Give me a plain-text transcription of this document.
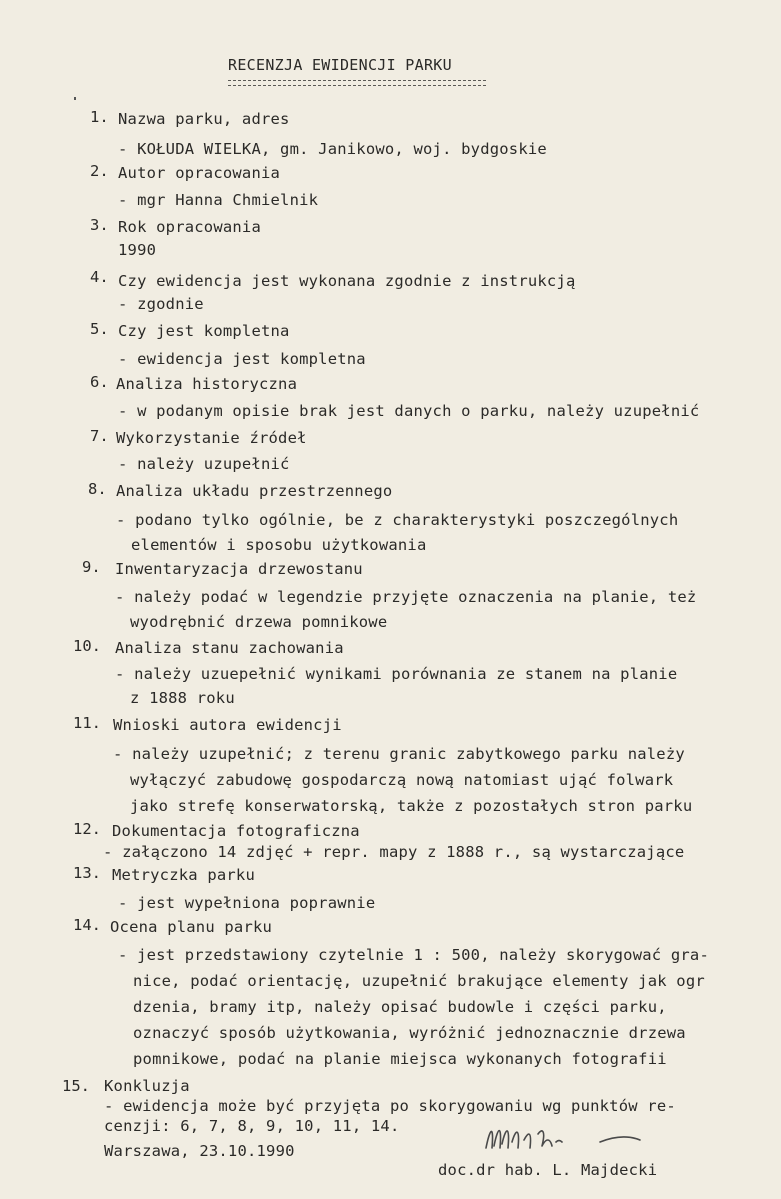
RECENZJA EWIDENCJI PARKU
1. Nazwa parku, adres
- KOŁUDA WIELKA, gm. Janikowo, woj. bydgoskie
2. Autor opracowania
- mgr Hanna Chmielnik
3. Rok opracowania
1990
4. Czy ewidencja jest wykonana zgodnie z instrukcją
- zgodnie
5. Czy jest kompletna
- ewidencja jest kompletna
6. Analiza historyczna
- w podanym opisie brak jest danych o parku, należy uzupełnić
7. Wykorzystanie źródeł
- należy uzupełnić
8. Analiza układu przestrzennego
- podano tylko ogólnie, be z charakterystyki poszczególnych
elementów i sposobu użytkowania
9. Inwentaryzacja drzewostanu
- należy podać w legendzie przyjęte oznaczenia na planie, też
wyodrębnić drzewa pomnikowe
10. Analiza stanu zachowania
- należy uzuepełnić wynikami porównania ze stanem na planie
z 1888 roku
11. Wnioski autora ewidencji
- należy uzupełnić; z terenu granic zabytkowego parku należy
wyłączyć zabudowę gospodarczą nową natomiast ująć folwark
jako strefę konserwatorską, także z pozostałych stron parku
12. Dokumentacja fotograficzna
- załączono 14 zdjęć + repr. mapy z 1888 r., są wystarczające
13. Metryczka parku
- jest wypełniona poprawnie
14. Ocena planu parku
- jest przedstawiony czytelnie 1 : 500, należy skorygować gra-
nice, podać orientację, uzupełnić brakujące elementy jak ogr
dzenia, bramy itp, należy opisać budowle i części parku,
oznaczyć sposób użytkowania, wyróżnić jednoznacznie drzewa
pomnikowe, podać na planie miejsca wykonanych fotografii
15. Konkluzja
- ewidencja może być przyjęta po skorygowaniu wg punktów re-
cenzji: 6, 7, 8, 9, 10, 11, 14.
Warszawa, 23.10.1990
doc.dr hab. L. Majdecki
